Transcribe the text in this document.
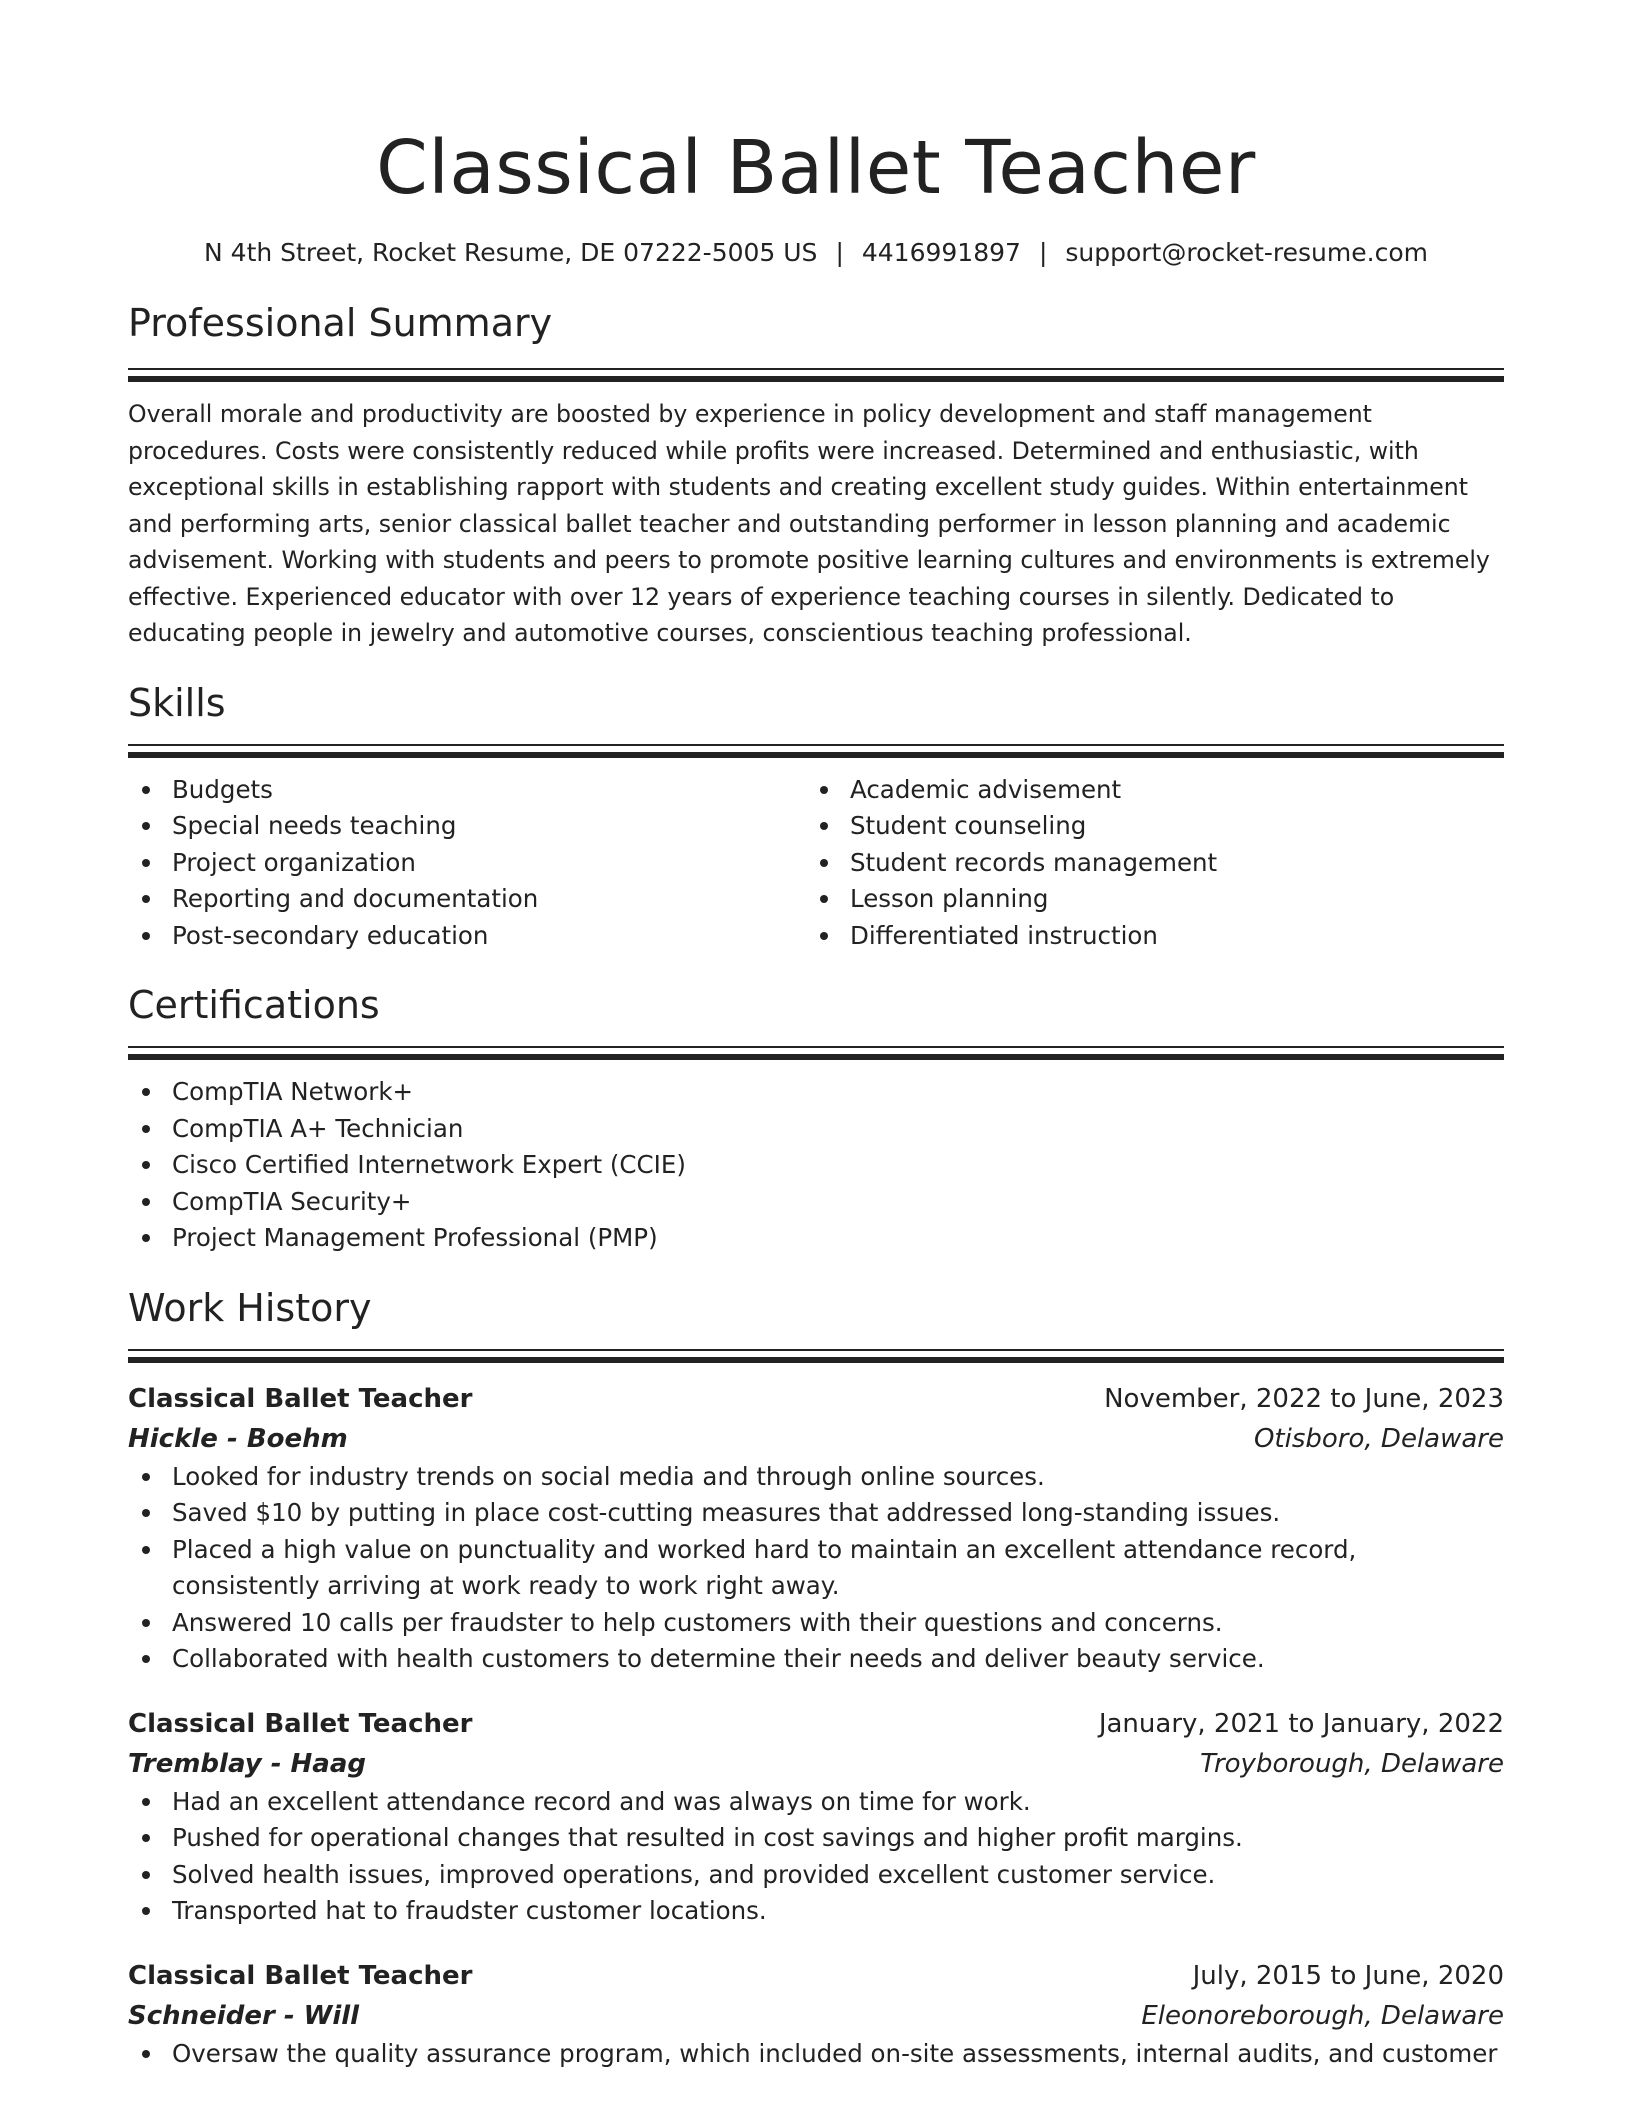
Classical Ballet Teacher
N 4th Street, Rocket Resume, DE 07222-5005 US | 4416991897 | support@rocket-resume.com
Professional Summary
Overall morale and productivity are boosted by experience in policy development and staff management procedures. Costs were consistently reduced while profits were increased. Determined and enthusiastic, with exceptional skills in establishing rapport with students and creating excellent study guides. Within entertainment and performing arts, senior classical ballet teacher and outstanding performer in lesson planning and academic advisement. Working with students and peers to promote positive learning cultures and environments is extremely effective. Experienced educator with over 12 years of experience teaching courses in silently. Dedicated to educating people in jewelry and automotive courses, conscientious teaching professional.
Skills
Budgets
Special needs teaching
Project organization
Reporting and documentation
Post-secondary education
Academic advisement
Student counseling
Student records management
Lesson planning
Differentiated instruction
Certifications
CompTIA Network+
CompTIA A+ Technician
Cisco Certified Internetwork Expert (CCIE)
CompTIA Security+
Project Management Professional (PMP)
Work History
Classical Ballet Teacher	November, 2022 to June, 2023
Hickle - Boehm	Otisboro, Delaware
Looked for industry trends on social media and through online sources.
Saved $10 by putting in place cost-cutting measures that addressed long-standing issues.
Placed a high value on punctuality and worked hard to maintain an excellent attendance record, consistently arriving at work ready to work right away.
Answered 10 calls per fraudster to help customers with their questions and concerns.
Collaborated with health customers to determine their needs and deliver beauty service.
Classical Ballet Teacher	January, 2021 to January, 2022
Tremblay - Haag	Troyborough, Delaware
Had an excellent attendance record and was always on time for work.
Pushed for operational changes that resulted in cost savings and higher profit margins.
Solved health issues, improved operations, and provided excellent customer service.
Transported hat to fraudster customer locations.
Classical Ballet Teacher	July, 2015 to June, 2020
Schneider - Will	Eleonoreborough, Delaware
Oversaw the quality assurance program, which included on-site assessments, internal audits, and customer
